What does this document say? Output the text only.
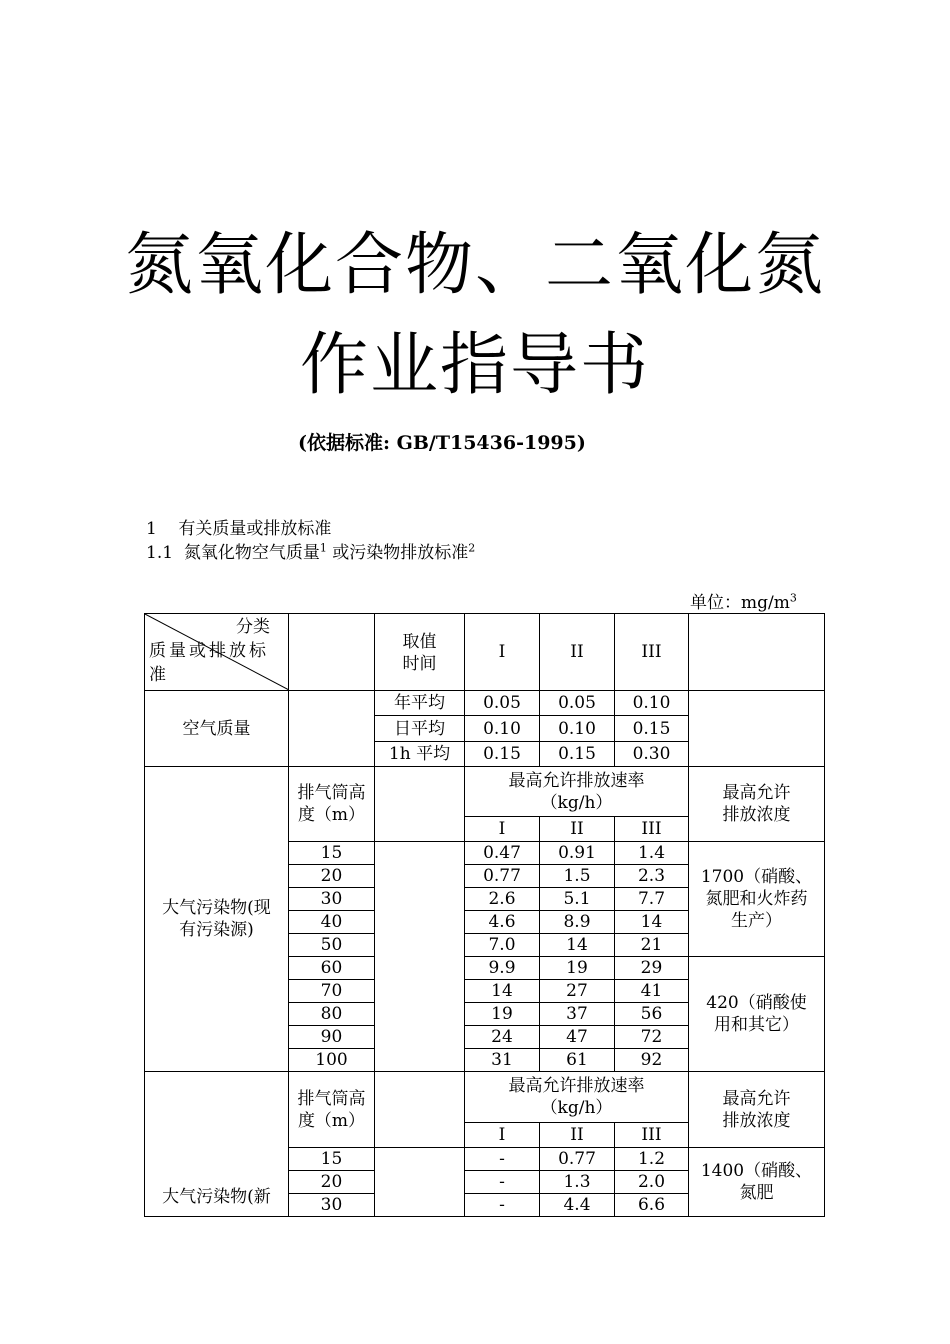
氮氧化合物、二氧化氮
作业指导书
(依据标准: GB/T15436-1995)
1    有关质量或排放标准
1.1  氮氧化物空气质量$^1$ 或污染物排放标准$^2$
单位：$mg/m^3$
分类
质量或排放标
准		取值时间	I	II	III	
空气质量		年平均	0.05	0.05	0.10	
		日平均	0.10	0.10	0.15	
		1h 平均	0.15	0.15	0.30	

大气污染物(现有污染源)	排气筒高度（m）		最高允许排放速率（kg/h）			最高允许排放浓度

			I	II	III	
	15		0.47	0.91	1.4	1700（硝酸、氮肥和火炸药生产）

	20		0.77	1.5	2.3	
	30		2.6	5.1	7.7	
	40		4.6	8.9	14	
	50		7.0	14	21	
	60		9.9	19	29	420（硝酸使用和其它）

	70		14	27	41	
	80		19	37	56	
	90		24	47	72	
	100		31	61	92	

大气污染物(新	排气筒高度（m）		最高允许排放速率（kg/h）			最高允许排放浓度

			I	II	III	
	15		-	0.77	1.2	1400（硝酸、氮肥

	20		-	1.3	2.0	
	30		-	4.4	6.6	
